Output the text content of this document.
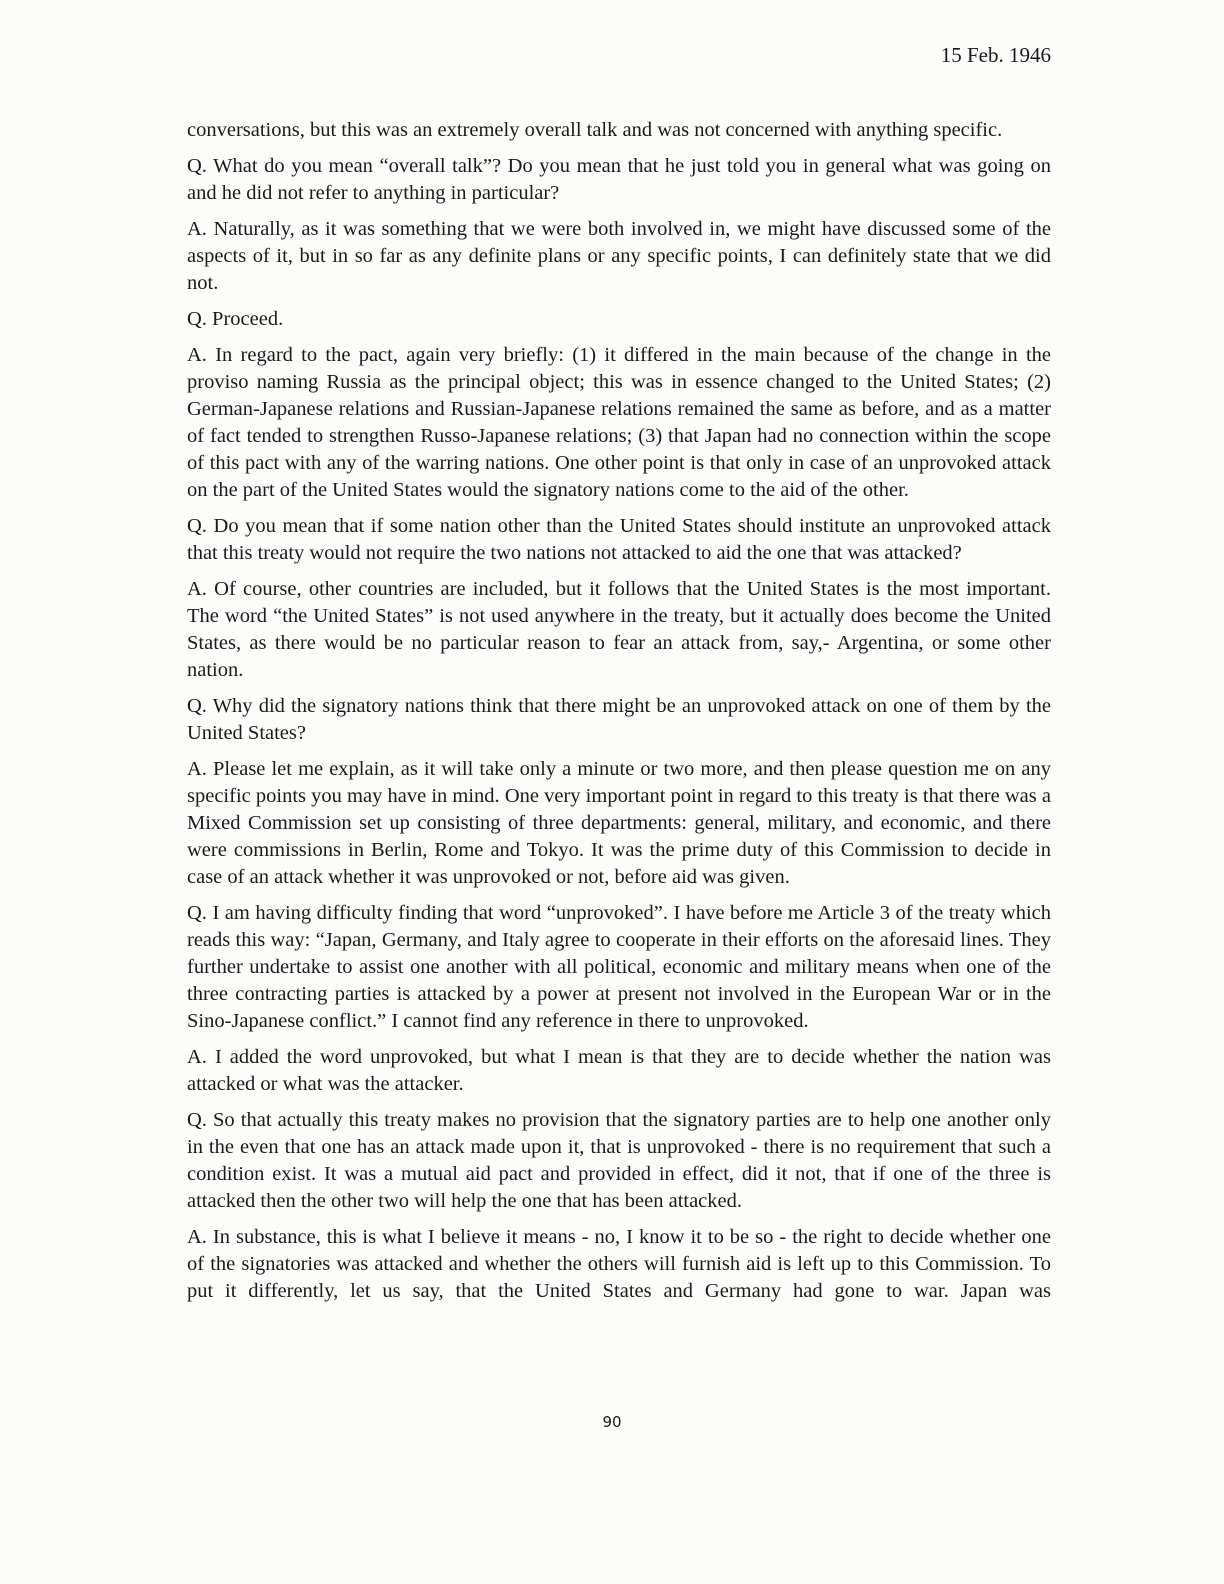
15 Feb. 1946

conversations, but this was an extremely overall talk and was not concerned with anything specific.

Q. What do you mean “overall talk”? Do you mean that he just told you in general what was going on and he did not refer to anything in particular?

A. Naturally, as it was something that we were both involved in, we might have discussed some of the aspects of it, but in so far as any definite plans or any specific points, I can definitely state that we did not.

Q. Proceed.

A. In regard to the pact, again very briefly: (1) it differed in the main because of the change in the proviso naming Russia as the principal object; this was in essence changed to the United States; (2) German-Japanese relations and Russian-Japanese relations remained the same as before, and as a matter of fact tended to strengthen Russo-Japanese relations; (3) that Japan had no connection within the scope of this pact with any of the warring nations. One other point is that only in case of an unprovoked attack on the part of the United States would the signatory nations come to the aid of the other.

Q. Do you mean that if some nation other than the United States should institute an unprovoked attack that this treaty would not require the two nations not attacked to aid the one that was attacked?

A. Of course, other countries are included, but it follows that the United States is the most important. The word “the United States” is not used anywhere in the treaty, but it actually does become the United States, as there would be no particular reason to fear an attack from, say,- Argentina, or some other nation.

Q. Why did the signatory nations think that there might be an unprovoked attack on one of them by the United States?

A. Please let me explain, as it will take only a minute or two more, and then please question me on any specific points you may have in mind. One very important point in regard to this treaty is that there was a Mixed Commission set up consisting of three departments: general, military, and economic, and there were commissions in Berlin, Rome and Tokyo. It was the prime duty of this Commission to decide in case of an attack whether it was unprovoked or not, before aid was given.

Q. I am having difficulty finding that word “unprovoked”. I have before me Article 3 of the treaty which reads this way: “Japan, Germany, and Italy agree to cooperate in their efforts on the aforesaid lines. They further undertake to assist one another with all political, economic and military means when one of the three contracting parties is attacked by a power at present not involved in the European War or in the Sino-Japanese conflict.” I cannot find any reference in there to unprovoked.

A. I added the word unprovoked, but what I mean is that they are to decide whether the nation was attacked or what was the attacker.

Q. So that actually this treaty makes no provision that the signatory parties are to help one another only in the even that one has an attack made upon it, that is unprovoked - there is no requirement that such a condition exist. It was a mutual aid pact and provided in effect, did it not, that if one of the three is attacked then the other two will help the one that has been attacked.

A. In substance, this is what I believe it means - no, I know it to be so - the right to decide whether one of the signatories was attacked and whether the others will furnish aid is left up to this Commission. To put it differently, let us say, that the United States and Germany had gone to war. Japan was

90
